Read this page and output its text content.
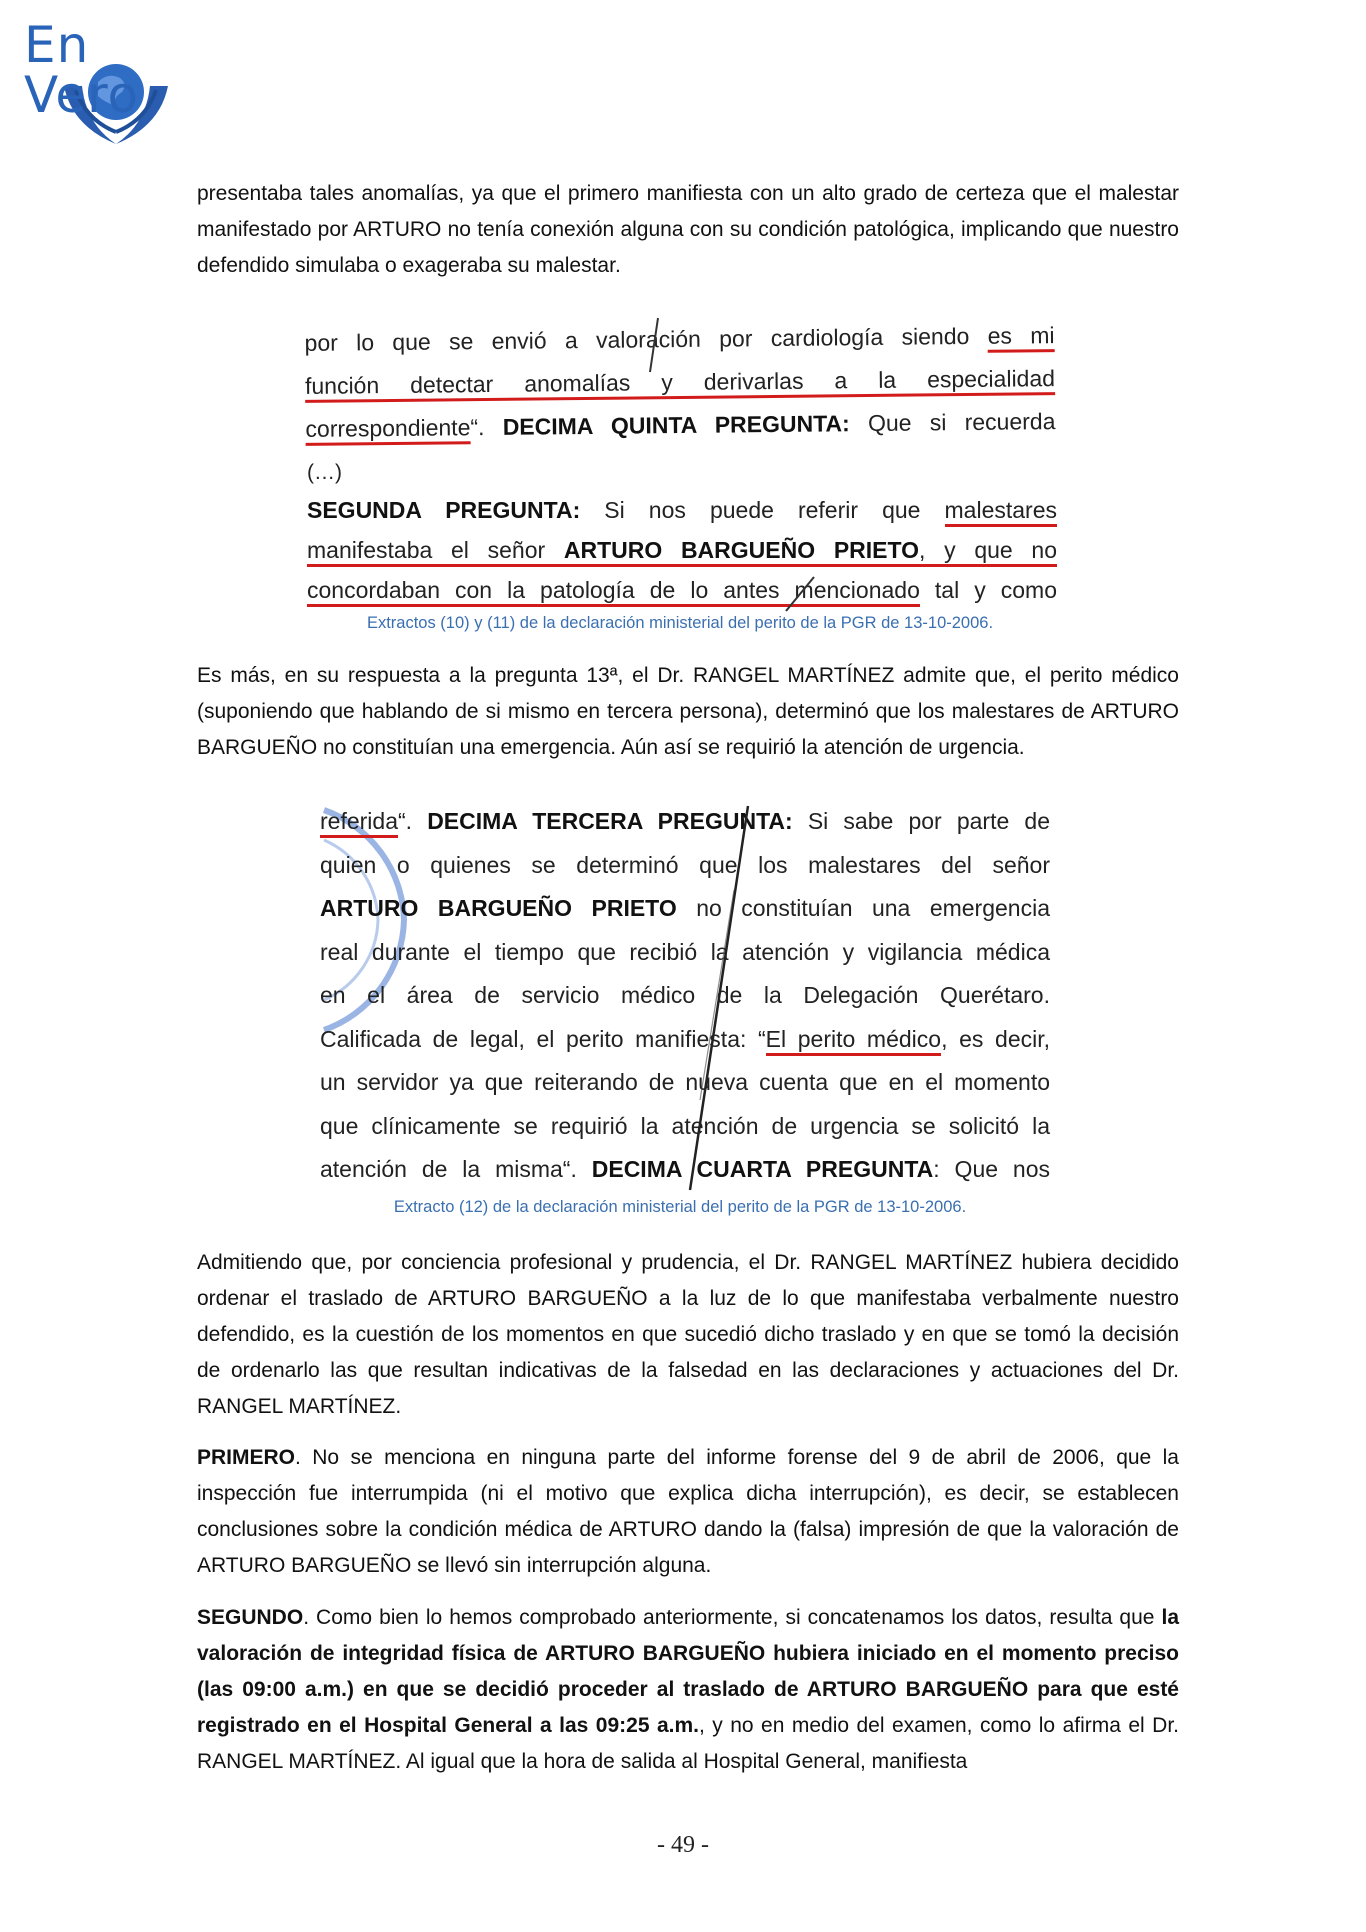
En Vero

presentaba tales anomalías, ya que el primero manifiesta con un alto grado de certeza que el malestar manifestado por ARTURO no tenía conexión alguna con su condición patológica, implicando que nuestro defendido simulaba o exageraba su malestar.

por lo que se envió a valoración por cardiología siendo es mi
función detectar anomalías y derivarlas a la especialidad
correspondiente“. DECIMA QUINTA PREGUNTA: Que si recuerda
(…)
SEGUNDA PREGUNTA: Si nos puede referir que malestares
manifestaba el señor ARTURO BARGUEÑO PRIETO, y que no
concordaban con la patología de lo antes mencionado tal y como
Extractos (10) y (11) de la declaración ministerial del perito de la PGR de 13-10-2006.

Es más, en su respuesta a la pregunta 13ª, el Dr. RANGEL MARTÍNEZ admite que, el perito médico (suponiendo que hablando de si mismo en tercera persona), determinó que los malestares de ARTURO BARGUEÑO no constituían una emergencia. Aún así se requirió la atención de urgencia.

referida“. DECIMA TERCERA PREGUNTA: Si sabe por parte de
quien o quienes se determinó que los malestares del señor
ARTURO BARGUEÑO PRIETO no constituían una emergencia
real durante el tiempo que recibió la atención y vigilancia médica
en el área de servicio médico de la Delegación Querétaro.
Calificada de legal, el perito manifiesta: “El perito médico, es decir,
un servidor ya que reiterando de nueva cuenta que en el momento
que clínicamente se requirió la atención de urgencia se solicitó la
atención de la misma“. DECIMA CUARTA PREGUNTA: Que nos
Extracto (12) de la declaración ministerial del perito de la PGR de 13-10-2006.

Admitiendo que, por conciencia profesional y prudencia, el Dr. RANGEL MARTÍNEZ hubiera decidido ordenar el traslado de ARTURO BARGUEÑO a la luz de lo que manifestaba verbalmente nuestro defendido, es la cuestión de los momentos en que sucedió dicho traslado y en que se tomó la decisión de ordenarlo las que resultan indicativas de la falsedad en las declaraciones y actuaciones del Dr. RANGEL MARTÍNEZ.

PRIMERO. No se menciona en ninguna parte del informe forense del 9 de abril de 2006, que la inspección fue interrumpida (ni el motivo que explica dicha interrupción), es decir, se establecen conclusiones sobre la condición médica de ARTURO dando la (falsa) impresión de que la valoración de ARTURO BARGUEÑO se llevó sin interrupción alguna.

SEGUNDO. Como bien lo hemos comprobado anteriormente, si concatenamos los datos, resulta que la valoración de integridad física de ARTURO BARGUEÑO hubiera iniciado en el momento preciso (las 09:00 a.m.) en que se decidió proceder al traslado de ARTURO BARGUEÑO para que esté registrado en el Hospital General a las 09:25 a.m., y no en medio del examen, como lo afirma el Dr. RANGEL MARTÍNEZ. Al igual que la hora de salida al Hospital General, manifiesta

- 49 -
